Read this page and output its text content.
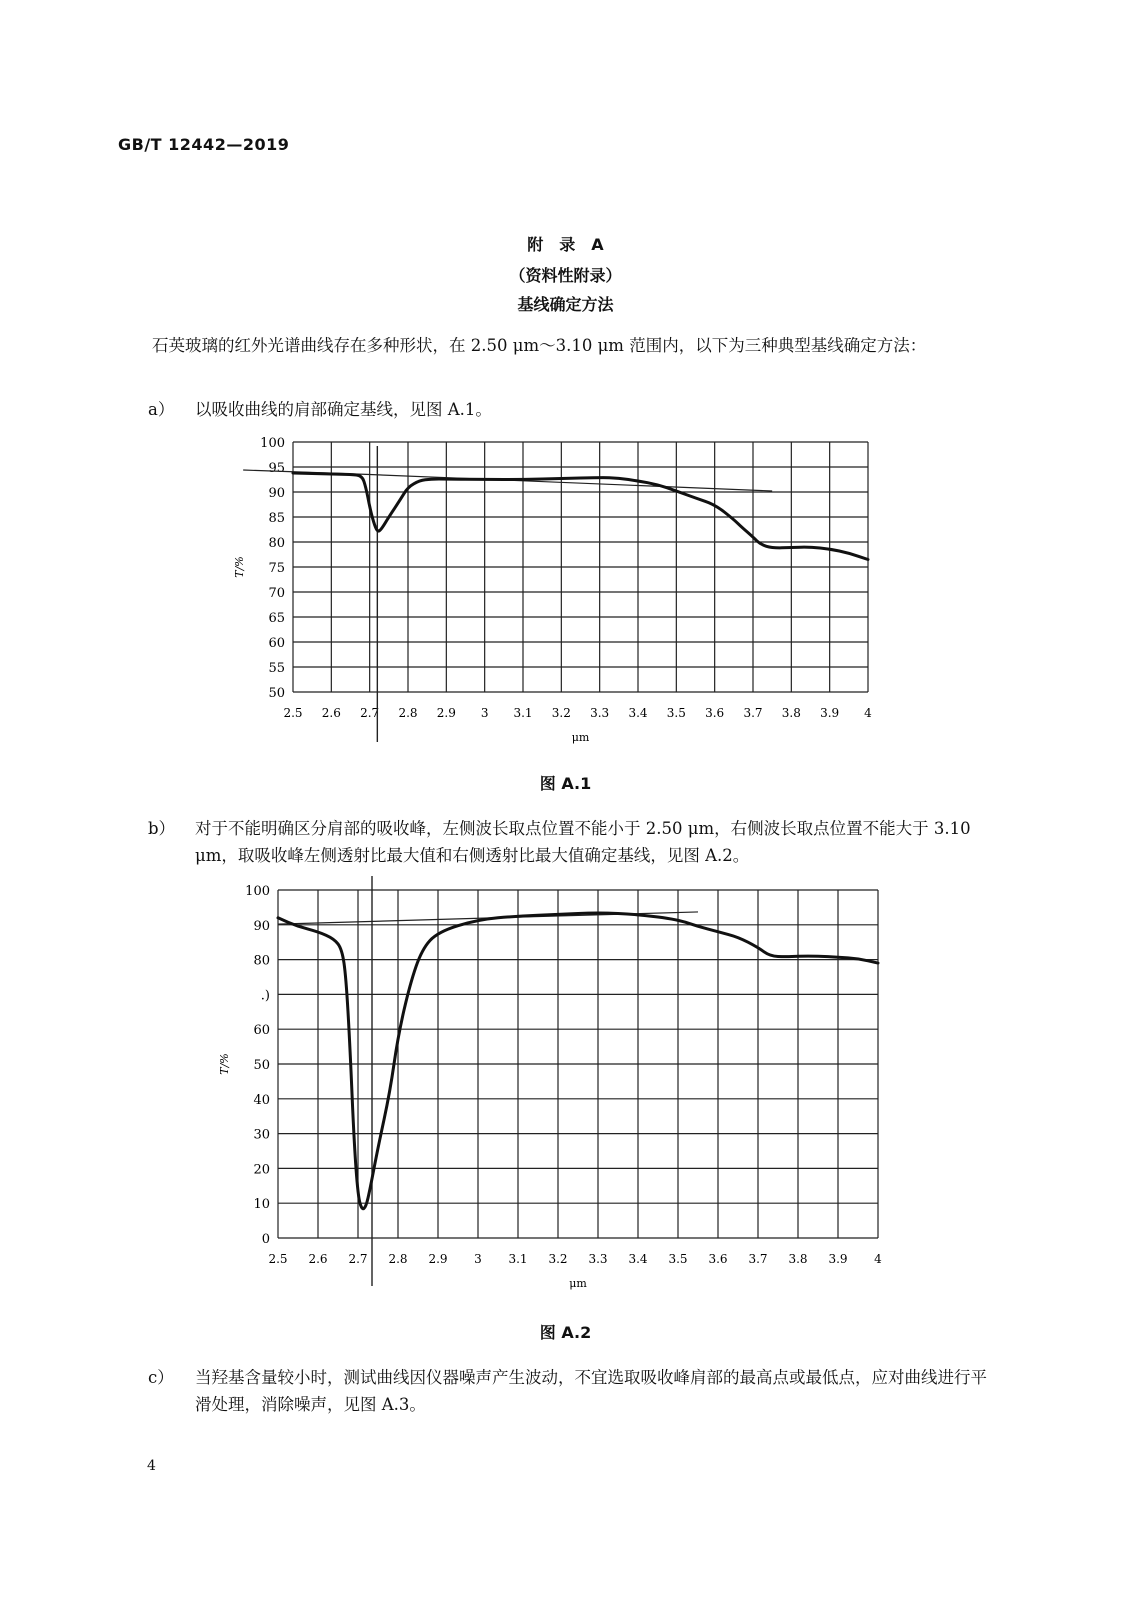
GB/T 12442—2019
附　录　A
（资料性附录）
基线确定方法
石英玻璃的红外光谱曲线存在多种形状，在 2.50 μm～3.10 μm 范围内，以下为三种典型基线确定方法：
a） 以吸收曲线的肩部确定基线，见图 A.1。
100
95
90
85
80
75
70
65
60
55
50
2.5 2.6 2.7 2.8 2.9 3 3.1 3.2 3.3 3.4 3.5 3.6 3.7 3.8 3.9 4
μm
T/%
图 A.1
b） 对于不能明确区分肩部的吸收峰，左侧波长取点位置不能小于 2.50 μm，右侧波长取点位置不能大于 3.10 μm，取吸收峰左侧透射比最大值和右侧透射比最大值确定基线，见图 A.2。
100
90
80
.)
60
50
40
30
20
10
0
2.5 2.6 2.7 2.8 2.9 3 3.1 3.2 3.3 3.4 3.5 3.6 3.7 3.8 3.9 4
μm
T/%
图 A.2
c） 当羟基含量较小时，测试曲线因仪器噪声产生波动，不宜选取吸收峰肩部的最高点或最低点，应对曲线进行平滑处理，消除噪声，见图 A.3。
4
